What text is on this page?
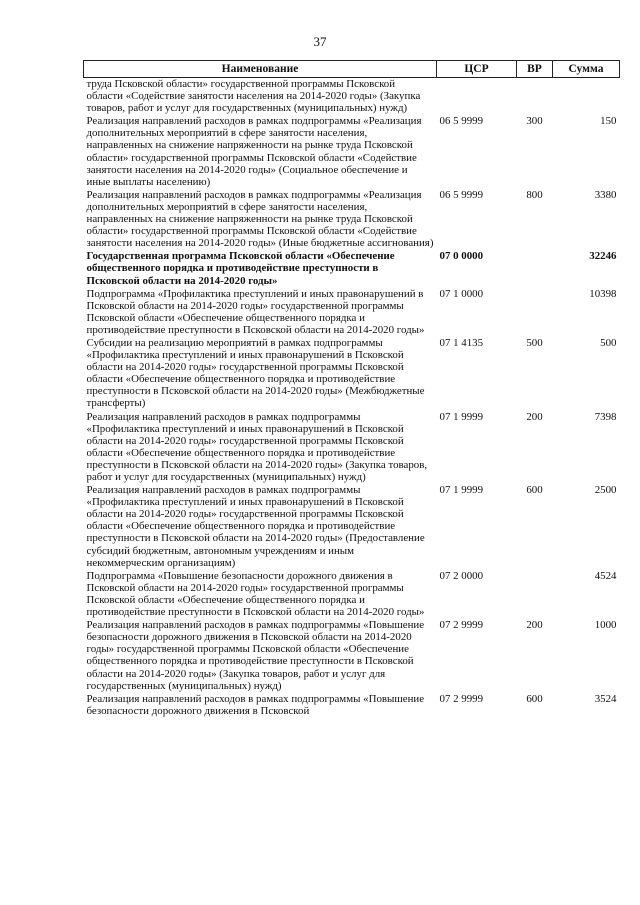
37
Наименование	ЦСР	ВР	Сумма
труда Псковской области» государственной программы Псковской области «Содействие занятости населения на 2014-2020 годы» (Закупка товаров, работ и услуг для государственных (муниципальных) нужд)			
Реализация направлений расходов в рамках подпрограммы «Реализация дополнительных мероприятий в сфере занятости населения, направленных на снижение напряженности на рынке труда Псковской области» государственной программы Псковской области «Содействие занятости населения на 2014-2020 годы» (Социальное обеспечение и иные выплаты населению)	06 5 9999	300	150
Реализация направлений расходов в рамках подпрограммы «Реализация дополнительных мероприятий в сфере занятости населения, направленных на снижение напряженности на рынке труда Псковской области» государственной программы Псковской области «Содействие занятости населения на 2014-2020 годы» (Иные бюджетные ассигнования)	06 5 9999	800	3380
Государственная программа Псковской области «Обеспечение общественного порядка и противодействие преступности в Псковской области на 2014-2020 годы»	07 0 0000		32246
Подпрограмма «Профилактика преступлений и иных правонарушений в Псковской области на 2014-2020 годы» государственной программы Псковской области «Обеспечение общественного порядка и противодействие преступности в Псковской области на 2014-2020 годы»	07 1 0000		10398
Субсидии на реализацию мероприятий в рамках подпрограммы «Профилактика преступлений и иных правонарушений в Псковской области на 2014-2020 годы» государственной программы Псковской области «Обеспечение общественного порядка и противодействие преступности в Псковской области на 2014-2020 годы» (Межбюджетные трансферты)	07 1 4135	500	500
Реализация направлений расходов в рамках подпрограммы «Профилактика преступлений и иных правонарушений в Псковской области на 2014-2020 годы» государственной программы Псковской области «Обеспечение общественного порядка и противодействие преступности в Псковской области на 2014-2020 годы» (Закупка товаров, работ и услуг для государственных (муниципальных) нужд)	07 1 9999	200	7398
Реализация направлений расходов в рамках подпрограммы «Профилактика преступлений и иных правонарушений в Псковской области на 2014-2020 годы» государственной программы Псковской области «Обеспечение общественного порядка и противодействие преступности в Псковской области на 2014-2020 годы» (Предоставление субсидий бюджетным, автономным учреждениям и иным некоммерческим организациям)	07 1 9999	600	2500
Подпрограмма «Повышение безопасности дорожного движения в Псковской области на 2014-2020 годы» государственной программы Псковской области «Обеспечение общественного порядка и противодействие преступности в Псковской области на 2014-2020 годы»	07 2 0000		4524
Реализация направлений расходов в рамках подпрограммы «Повышение безопасности дорожного движения в Псковской области на 2014-2020 годы» государственной программы Псковской области «Обеспечение общественного порядка и противодействие преступности в Псковской области на 2014-2020 годы» (Закупка товаров, работ и услуг для государственных (муниципальных) нужд)	07 2 9999	200	1000
Реализация направлений расходов в рамках подпрограммы «Повышение безопасности дорожного движения в Псковской	07 2 9999	600	3524
